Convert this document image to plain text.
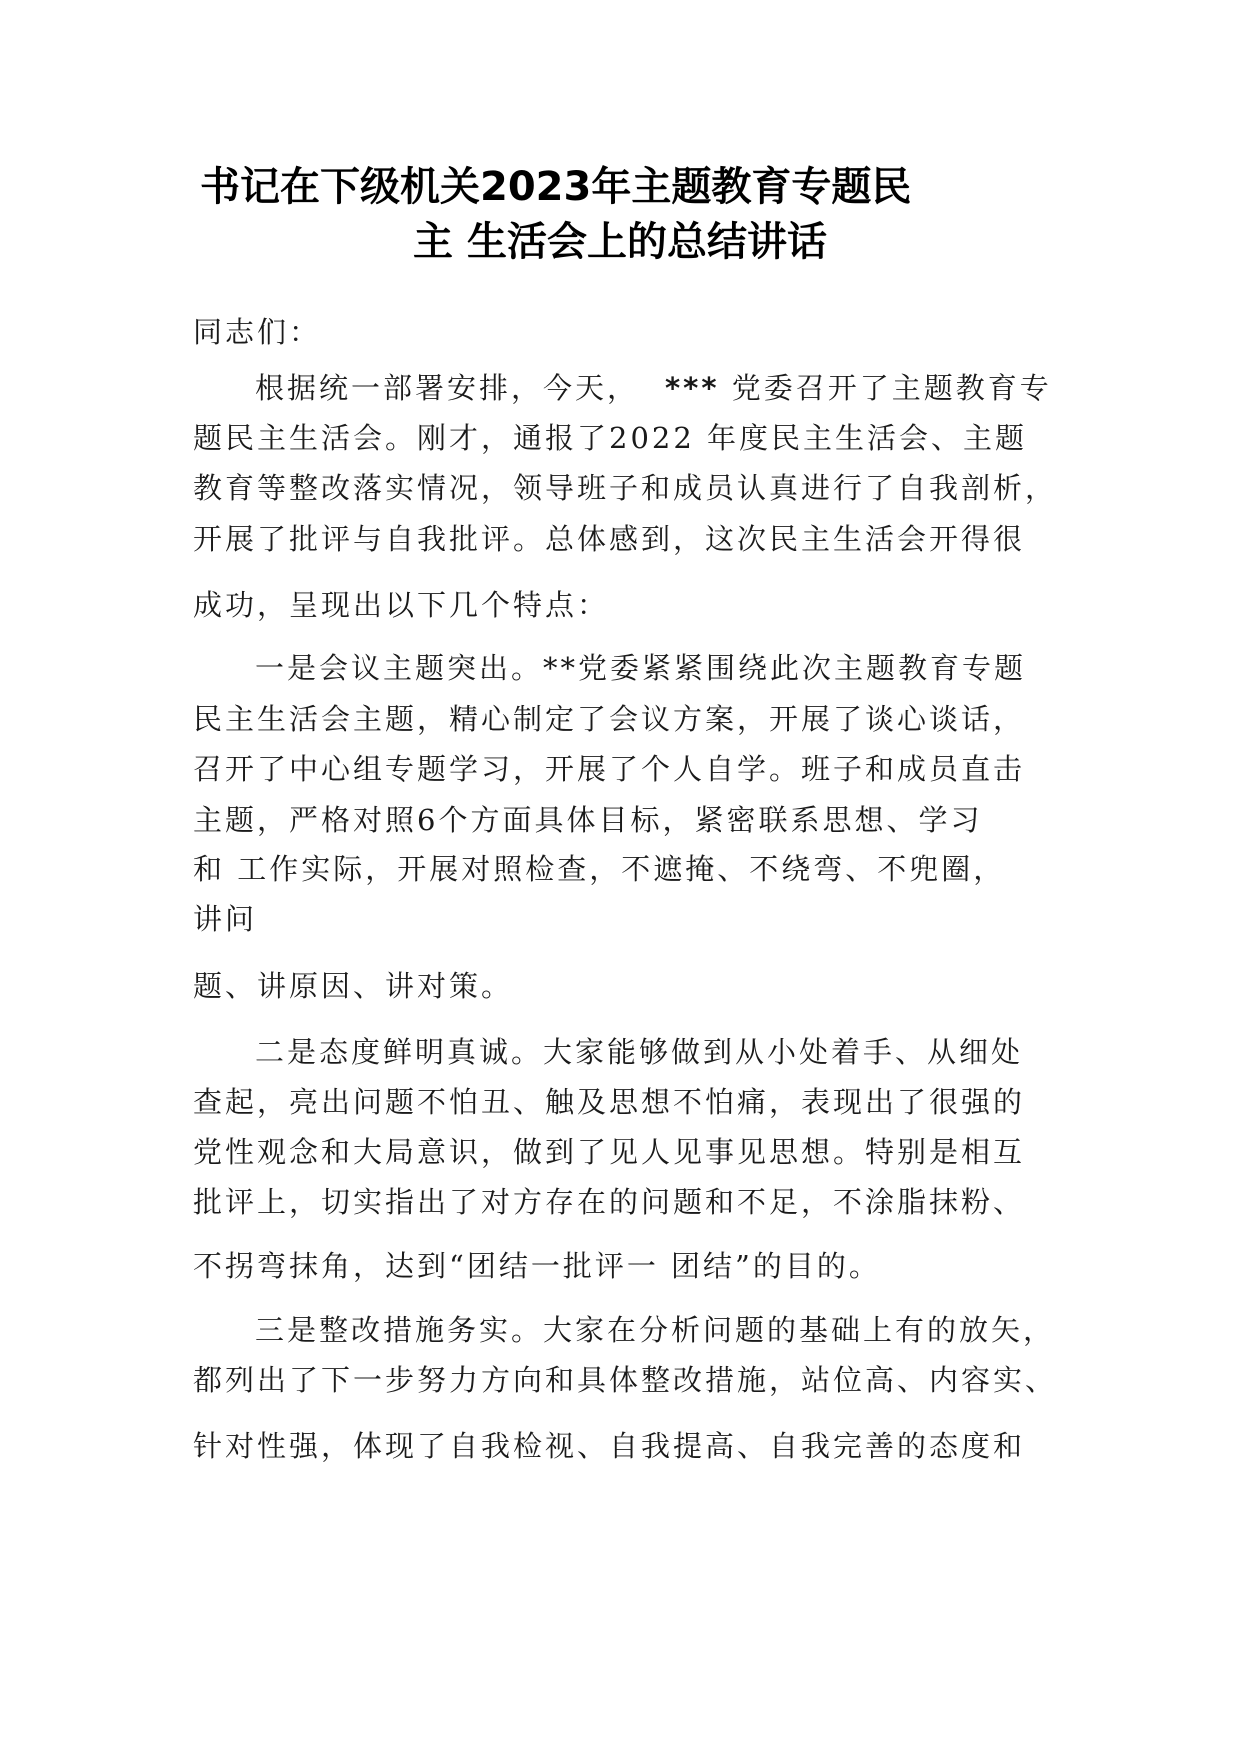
书记在下级机关2023年主题教育专题民
主 生活会上的总结讲话
同志们：
根据统一部署安排，今天， *** 党委召开了主题教育专
题民主生活会。刚才，通报了2022 年度民主生活会、主题
教育等整改落实情况，领导班子和成员认真进行了自我剖析，
开展了批评与自我批评。总体感到，这次民主生活会开得很
成功，呈现出以下几个特点：
一是会议主题突出。**党委紧紧围绕此次主题教育专题
民主生活会主题，精心制定了会议方案，开展了谈心谈话，
召开了中心组专题学习，开展了个人自学。班子和成员直击
主题，严格对照6个方面具体目标，紧密联系思想、学习
和 工作实际，开展对照检查，不遮掩、不绕弯、不兜圈，
讲问
题、讲原因、讲对策。
二是态度鲜明真诚。大家能够做到从小处着手、从细处
查起，亮出问题不怕丑、触及思想不怕痛，表现出了很强的
党性观念和大局意识，做到了见人见事见思想。特别是相互
批评上，切实指出了对方存在的问题和不足，不涂脂抹粉、
不拐弯抹角，达到“团结一批评一 团结”的目的。
三是整改措施务实。大家在分析问题的基础上有的放矢，
都列出了下一步努力方向和具体整改措施，站位高、内容实、
针对性强，体现了自我检视、自我提高、自我完善的态度和
